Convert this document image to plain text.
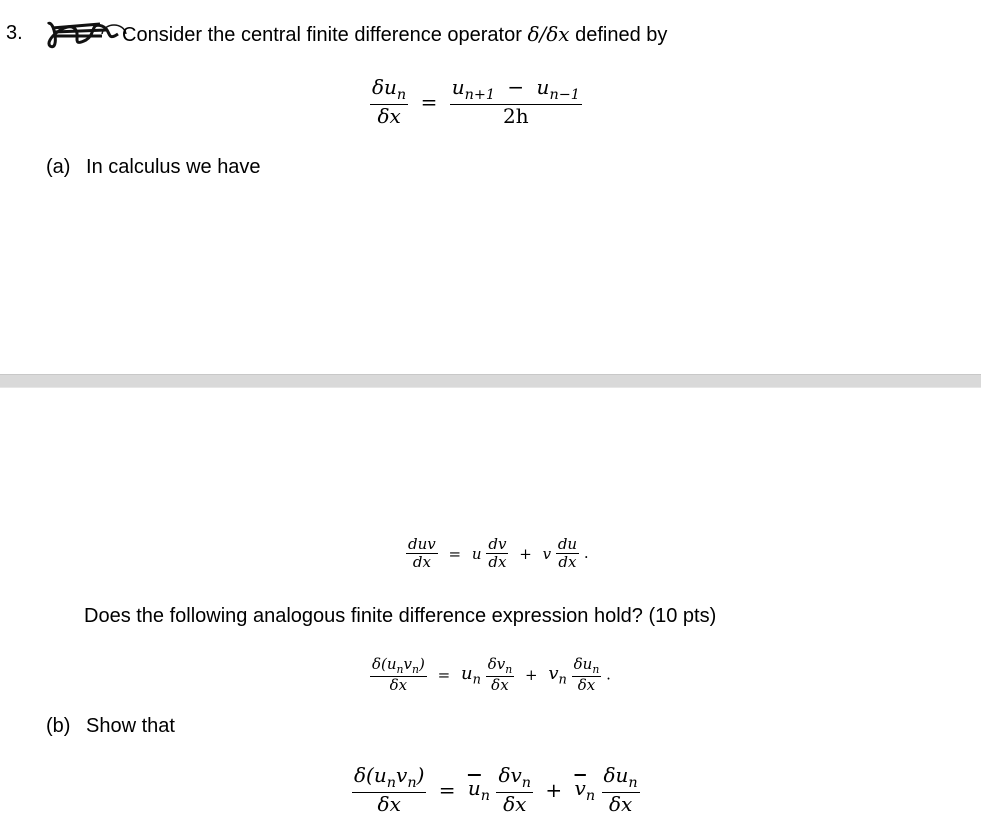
3.	Consider the central finite difference operator δ/δx defined by
$\frac{\delta u_n}{\delta x} = \frac{u_{n+1} - u_{n-1}}{2h}$
(a) In calculus we have
$\frac{\text{duv}}{dx} = u \frac{dv}{dx} + v \frac{du}{dx}$ .
Does the following analogous finite difference expression hold? (10 pts)
$\frac{\delta(u_nv_n)}{\delta x} = u_n \frac{\delta v_n}{\delta x} + v_n \frac{\delta u_n}{\delta x}$ .
(b) Show that
$\frac{\delta(u_nv_n)}{\delta x} = \overline{u}_n \frac{\delta v_n}{\delta x} + \overline{v}_n \frac{\delta u_n}{\delta x}$
